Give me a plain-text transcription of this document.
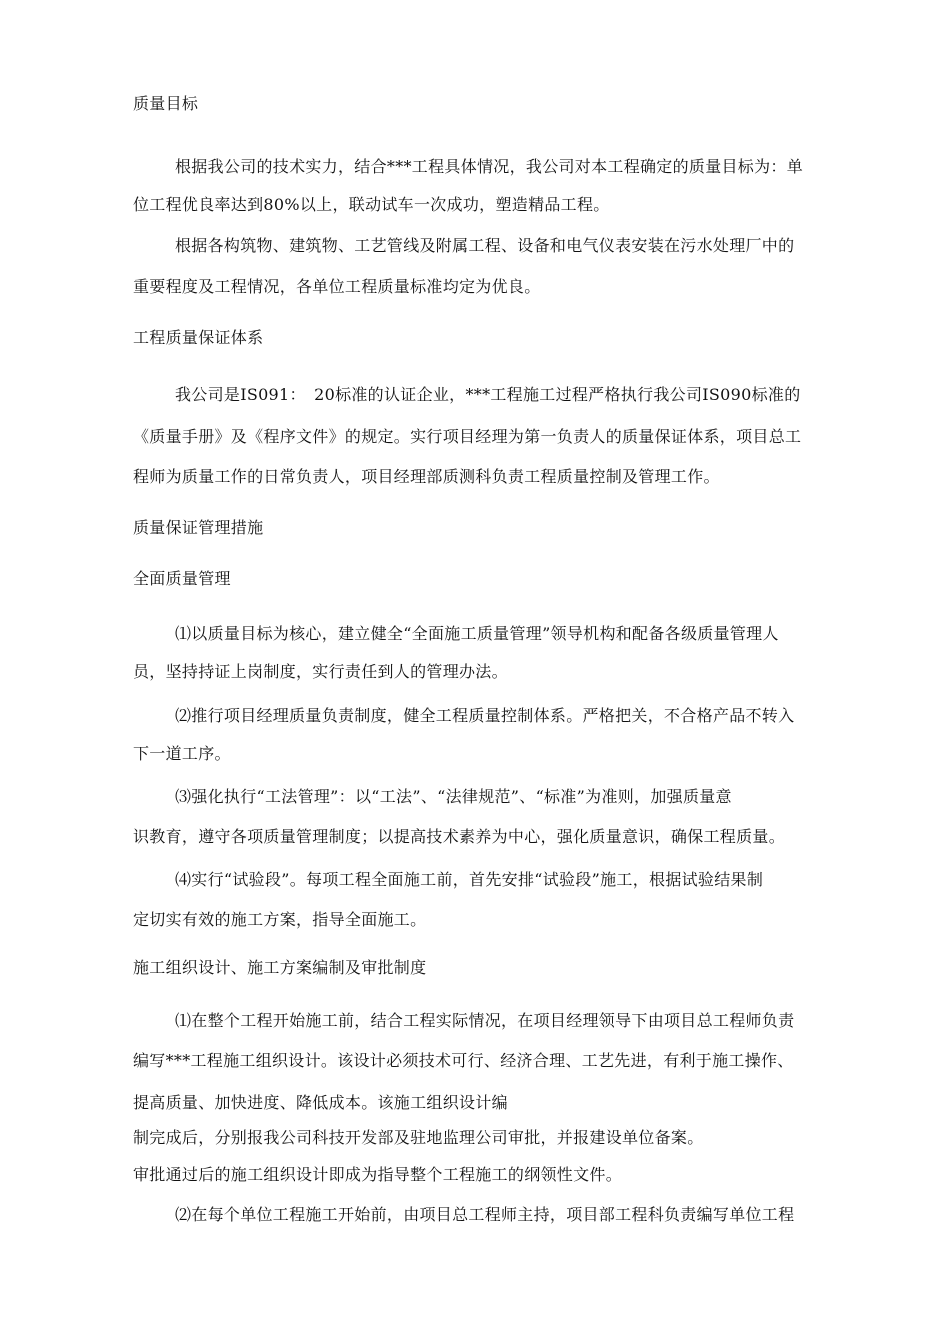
质量目标
根据我公司的技术实力，结合***工程具体情况，我公司对本工程确定的质量目标为：单
位工程优良率达到80%以上，联动试车一次成功，塑造精品工程。
根据各构筑物、建筑物、工艺管线及附属工程、设备和电气仪表安装在污水处理厂中的
重要程度及工程情况，各单位工程质量标准均定为优良。
工程质量保证体系
我公司是IS091：　20标准的认证企业，***工程施工过程严格执行我公司IS090标准的
《质量手册》及《程序文件》的规定。实行项目经理为第一负责人的质量保证体系，项目总工
程师为质量工作的日常负责人，项目经理部质测科负责工程质量控制及管理工作。
质量保证管理措施
全面质量管理
⑴以质量目标为核心，建立健全“全面施工质量管理”领导机构和配备各级质量管理人
员，坚持持证上岗制度，实行责任到人的管理办法。
⑵推行项目经理质量负责制度，健全工程质量控制体系。严格把关，不合格产品不转入
下一道工序。
⑶强化执行“工法管理”：以“工法”、“法律规范”、“标准”为准则，加强质量意
识教育，遵守各项质量管理制度；以提高技术素养为中心，强化质量意识，确保工程质量。
⑷实行“试验段”。每项工程全面施工前，首先安排“试验段”施工，根据试验结果制
定切实有效的施工方案，指导全面施工。
施工组织设计、施工方案编制及审批制度
⑴在整个工程开始施工前，结合工程实际情况，在项目经理领导下由项目总工程师负责
编写***工程施工组织设计。该设计必须技术可行、经济合理、工艺先进，有利于施工操作、
提高质量、加快进度、降低成本。该施工组织设计编
制完成后，分别报我公司科技开发部及驻地监理公司审批，并报建设单位备案。
审批通过后的施工组织设计即成为指导整个工程施工的纲领性文件。
⑵在每个单位工程施工开始前，由项目总工程师主持，项目部工程科负责编写单位工程
